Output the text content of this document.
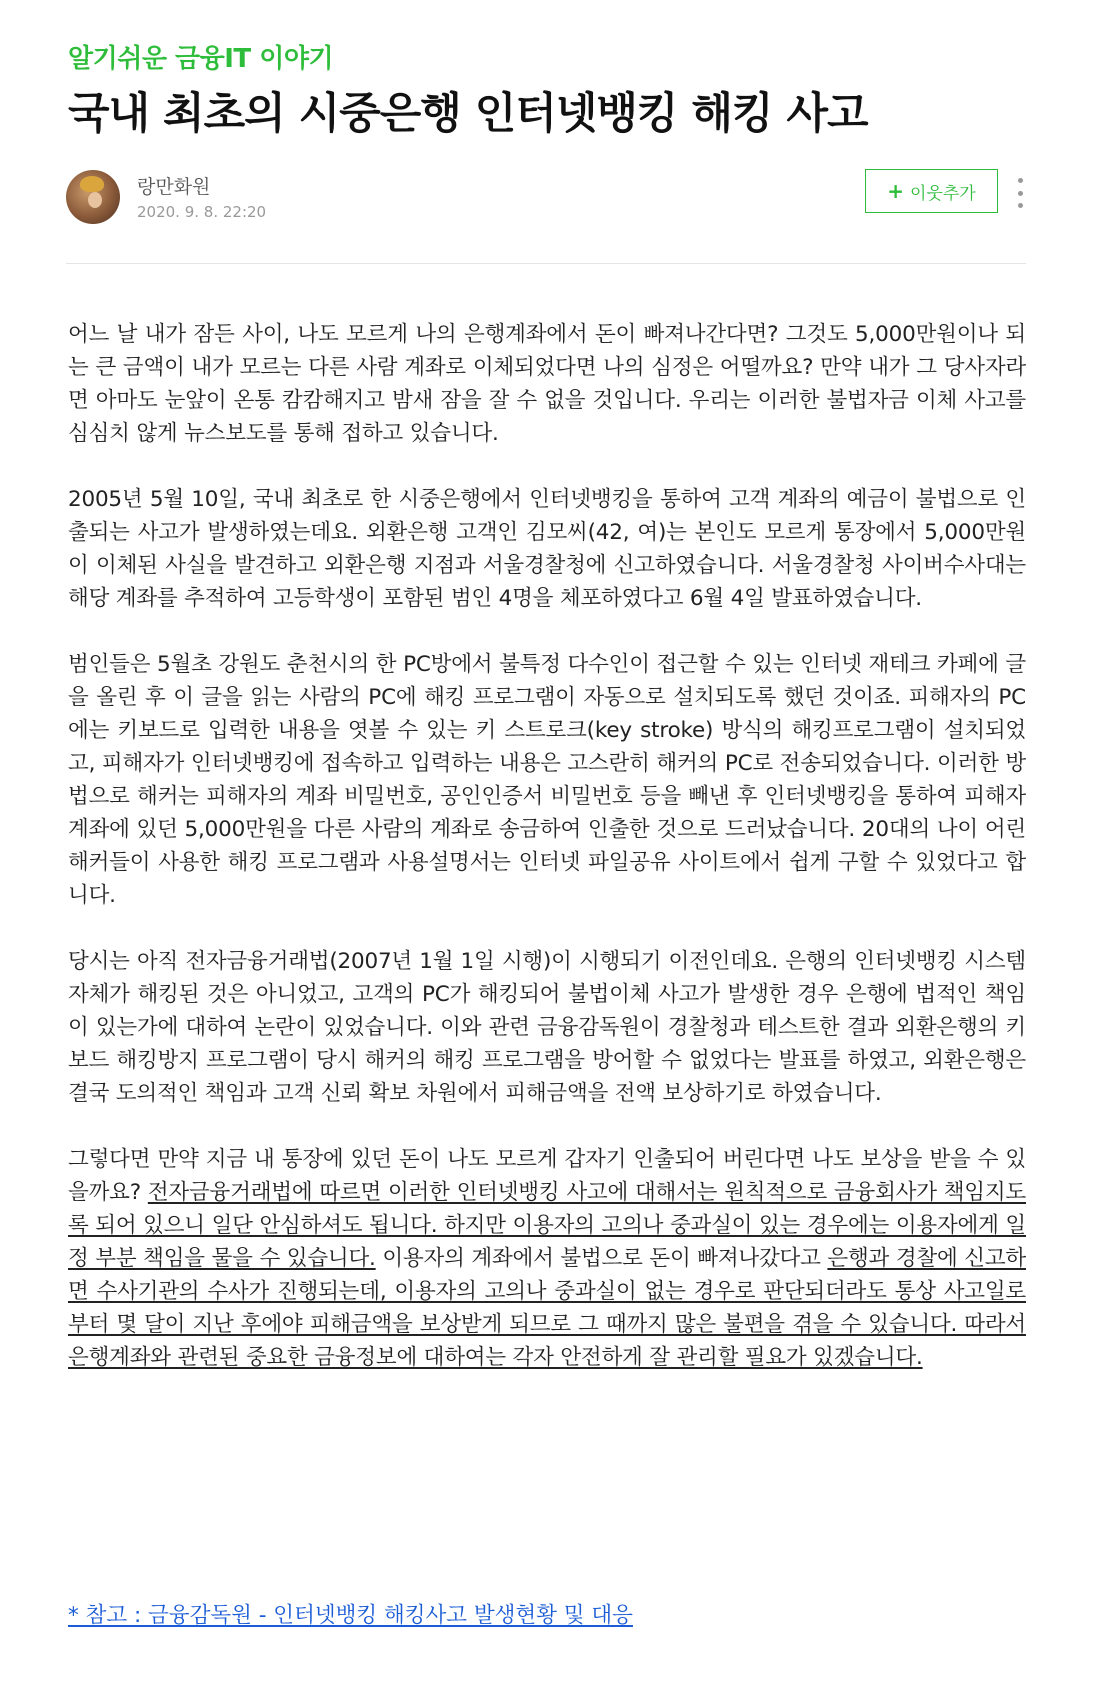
알기쉬운 금융IT 이야기
국내 최초의 시중은행 인터넷뱅킹 해킹 사고
랑만화원
2020. 9. 8. 22:20
+ 이웃추가

어느 날 내가 잠든 사이, 나도 모르게 나의 은행계좌에서 돈이 빠져나간다면? 그것도 5,000만원이나 되는 큰 금액이 내가 모르는 다른 사람 계좌로 이체되었다면 나의 심정은 어떨까요? 만약 내가 그 당사자라면 아마도 눈앞이 온통 캄캄해지고 밤새 잠을 잘 수 없을 것입니다. 우리는 이러한 불법자금 이체 사고를 심심치 않게 뉴스보도를 통해 접하고 있습니다.

2005년 5월 10일, 국내 최초로 한 시중은행에서 인터넷뱅킹을 통하여 고객 계좌의 예금이 불법으로 인출되는 사고가 발생하였는데요. 외환은행 고객인 김모씨(42, 여)는 본인도 모르게 통장에서 5,000만원이 이체된 사실을 발견하고 외환은행 지점과 서울경찰청에 신고하였습니다. 서울경찰청 사이버수사대는 해당 계좌를 추적하여 고등학생이 포함된 범인 4명을 체포하였다고 6월 4일 발표하였습니다.

범인들은 5월초 강원도 춘천시의 한 PC방에서 불특정 다수인이 접근할 수 있는 인터넷 재테크 카페에 글을 올린 후 이 글을 읽는 사람의 PC에 해킹 프로그램이 자동으로 설치되도록 했던 것이죠. 피해자의 PC에는 키보드로 입력한 내용을 엿볼 수 있는 키 스트로크(key stroke) 방식의 해킹프로그램이 설치되었고, 피해자가 인터넷뱅킹에 접속하고 입력하는 내용은 고스란히 해커의 PC로 전송되었습니다. 이러한 방법으로 해커는 피해자의 계좌 비밀번호, 공인인증서 비밀번호 등을 빼낸 후 인터넷뱅킹을 통하여 피해자 계좌에 있던 5,000만원을 다른 사람의 계좌로 송금하여 인출한 것으로 드러났습니다. 20대의 나이 어린 해커들이 사용한 해킹 프로그램과 사용설명서는 인터넷 파일공유 사이트에서 쉽게 구할 수 있었다고 합니다.

당시는 아직 전자금융거래법(2007년 1월 1일 시행)이 시행되기 이전인데요. 은행의 인터넷뱅킹 시스템 자체가 해킹된 것은 아니었고, 고객의 PC가 해킹되어 불법이체 사고가 발생한 경우 은행에 법적인 책임이 있는가에 대하여 논란이 있었습니다. 이와 관련 금융감독원이 경찰청과 테스트한 결과 외환은행의 키보드 해킹방지 프로그램이 당시 해커의 해킹 프로그램을 방어할 수 없었다는 발표를 하였고, 외환은행은 결국 도의적인 책임과 고객 신뢰 확보 차원에서 피해금액을 전액 보상하기로 하였습니다.

그렇다면 만약 지금 내 통장에 있던 돈이 나도 모르게 갑자기 인출되어 버린다면 나도 보상을 받을 수 있을까요? 전자금융거래법에 따르면 이러한 인터넷뱅킹 사고에 대해서는 원칙적으로 금융회사가 책임지도록 되어 있으니 일단 안심하셔도 됩니다. 하지만 이용자의 고의나 중과실이 있는 경우에는 이용자에게 일정 부분 책임을 물을 수 있습니다. 이용자의 계좌에서 불법으로 돈이 빠져나갔다고 은행과 경찰에 신고하면 수사기관의 수사가 진행되는데, 이용자의 고의나 중과실이 없는 경우로 판단되더라도 통상 사고일로부터 몇 달이 지난 후에야 피해금액을 보상받게 되므로 그 때까지 많은 불편을 겪을 수 있습니다. 따라서 은행계좌와 관련된 중요한 금융정보에 대하여는 각자 안전하게 잘 관리할 필요가 있겠습니다.

* 참고 : 금융감독원 - 인터넷뱅킹 해킹사고 발생현황 및 대응
